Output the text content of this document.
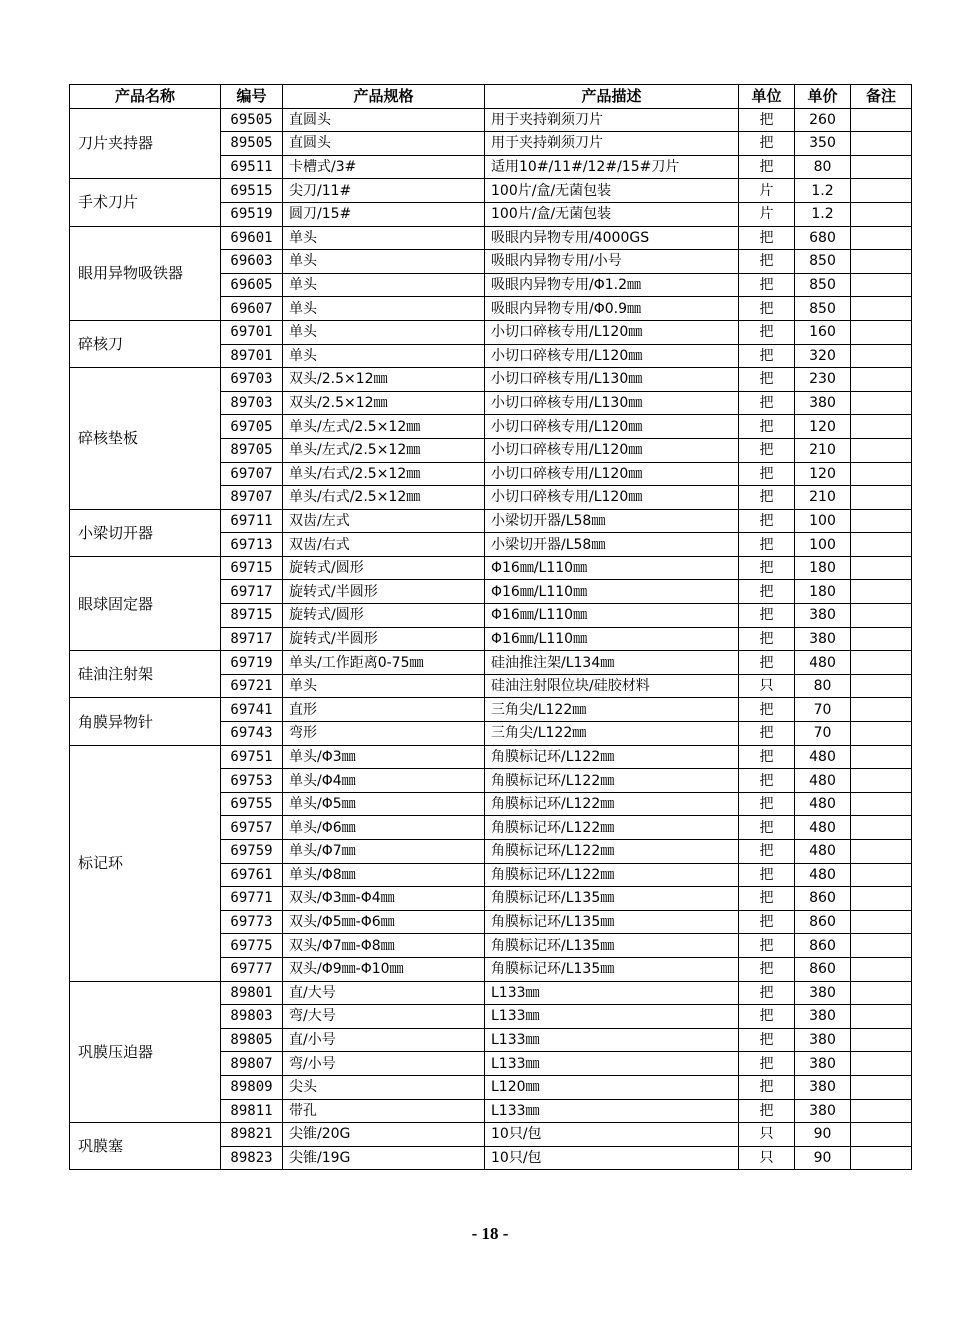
产品名称	编号	产品规格	产品描述	单位	单价	备注
刀片夹持器	69505	直圆头	用于夹持剃须刀片	把	260	
	89505	直圆头	用于夹持剃须刀片	把	350	
	69511	卡槽式/3#	适用10#/11#/12#/15#刀片	把	80	
手术刀片	69515	尖刀/11#	100片/盒/无菌包装	片	1.2	
	69519	圆刀/15#	100片/盒/无菌包装	片	1.2	
眼用异物吸铁器	69601	单头	吸眼内异物专用/4000GS	把	680	
	69603	单头	吸眼内异物专用/小号	把	850	
	69605	单头	吸眼内异物专用/Φ1.2㎜	把	850	
	69607	单头	吸眼内异物专用/Φ0.9㎜	把	850	
碎核刀	69701	单头	小切口碎核专用/L120㎜	把	160	
	89701	单头	小切口碎核专用/L120㎜	把	320	
碎核垫板	69703	双头/2.5×12㎜	小切口碎核专用/L130㎜	把	230	
	89703	双头/2.5×12㎜	小切口碎核专用/L130㎜	把	380	
	69705	单头/左式/2.5×12㎜	小切口碎核专用/L120㎜	把	120	
	89705	单头/左式/2.5×12㎜	小切口碎核专用/L120㎜	把	210	
	69707	单头/右式/2.5×12㎜	小切口碎核专用/L120㎜	把	120	
	89707	单头/右式/2.5×12㎜	小切口碎核专用/L120㎜	把	210	
小梁切开器	69711	双齿/左式	小梁切开器/L58㎜	把	100	
	69713	双齿/右式	小梁切开器/L58㎜	把	100	
眼球固定器	69715	旋转式/圆形	Φ16㎜/L110㎜	把	180	
	69717	旋转式/半圆形	Φ16㎜/L110㎜	把	180	
	89715	旋转式/圆形	Φ16㎜/L110㎜	把	380	
	89717	旋转式/半圆形	Φ16㎜/L110㎜	把	380	
硅油注射架	69719	单头/工作距离0-75㎜	硅油推注架/L134㎜	把	480	
	69721	单头	硅油注射限位块/硅胶材料	只	80	
角膜异物针	69741	直形	三角尖/L122㎜	把	70	
	69743	弯形	三角尖/L122㎜	把	70	
标记环	69751	单头/Φ3㎜	角膜标记环/L122㎜	把	480	
	69753	单头/Φ4㎜	角膜标记环/L122㎜	把	480	
	69755	单头/Φ5㎜	角膜标记环/L122㎜	把	480	
	69757	单头/Φ6㎜	角膜标记环/L122㎜	把	480	
	69759	单头/Φ7㎜	角膜标记环/L122㎜	把	480	
	69761	单头/Φ8㎜	角膜标记环/L122㎜	把	480	
	69771	双头/Φ3㎜-Φ4㎜	角膜标记环/L135㎜	把	860	
	69773	双头/Φ5㎜-Φ6㎜	角膜标记环/L135㎜	把	860	
	69775	双头/Φ7㎜-Φ8㎜	角膜标记环/L135㎜	把	860	
	69777	双头/Φ9㎜-Φ10㎜	角膜标记环/L135㎜	把	860	
巩膜压迫器	89801	直/大号	L133㎜	把	380	
	89803	弯/大号	L133㎜	把	380	
	89805	直/小号	L133㎜	把	380	
	89807	弯/小号	L133㎜	把	380	
	89809	尖头	L120㎜	把	380	
	89811	带孔	L133㎜	把	380	
巩膜塞	89821	尖锥/20G	10只/包	只	90	
	89823	尖锥/19G	10只/包	只	90	
- 18 -
